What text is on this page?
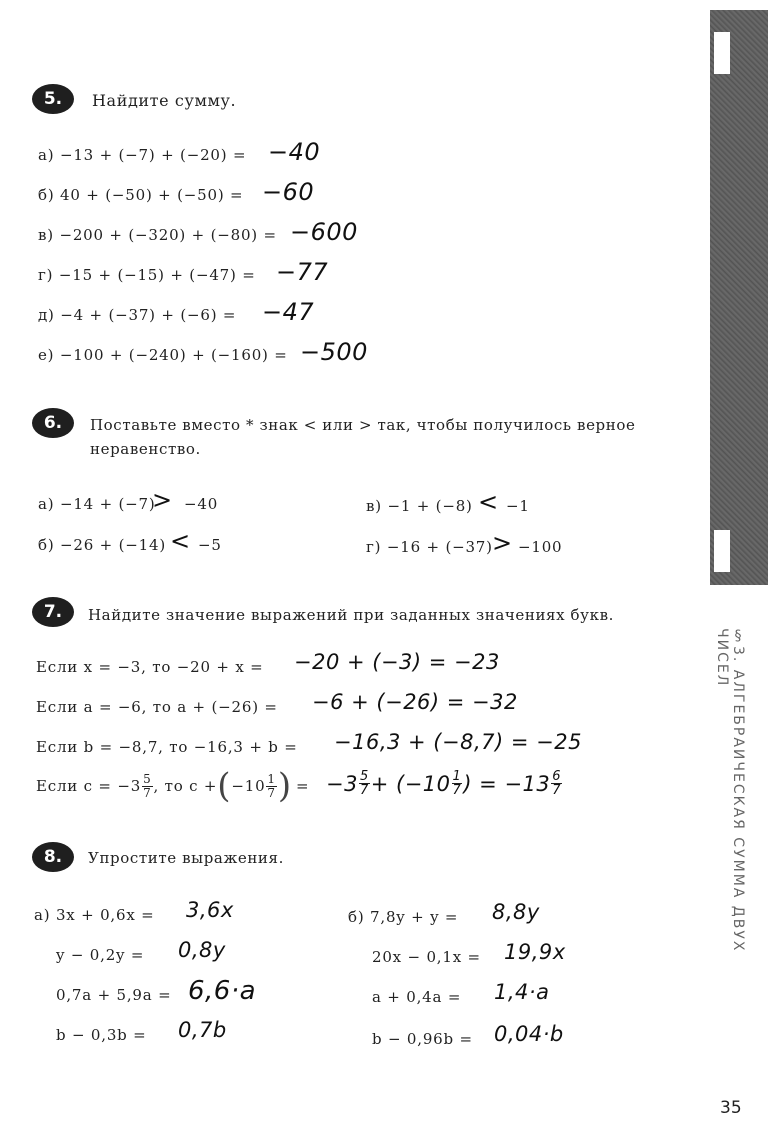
§3. АЛГЕБРАИЧЕСКАЯ СУММА ДВУХ ЧИСЕЛ
5.	Найдите сумму.
а) −13 + (−7) + (−20) = −40
б) 40 + (−50) + (−50) = −60
в) −200 + (−320) + (−80) = −600
г) −15 + (−15) + (−47) = −77
д) −4 + (−37) + (−6) = −47
е) −100 + (−240) + (−160) = −500
6.	Поставьте вместо * знак < или > так, чтобы получилось верное
неравенство.
а) −14 + (−7)
> −40
б) −26 + (−14) < −5
в) −1 + (−8) < −1
г) −16 + (−37) > −100
7.	Найдите значение выражений при заданных значениях букв.
Если x = −3, то −20 + x = −20 + (−3) = −23
Если a = −6, то a + (−26) = −6 + (−26) = −32
Если b = −8,7, то −16,3 + b = −16,3 + (−8,7) = −25
Если $c = -3 \frac{5}{7}$ , то c + ( $-10 \frac{1}{7}$ ) = $-3 \frac{5}{7} + (-10 \frac{1}{7}$ ) = $-13 \frac{6}{7}$
8.	Упростите выражения.
а) 3x + 0,6x = 3,6x
y − 0,2y = 0,8y
0,7a + 5,9a = 6,6·a
b − 0,3b = 0,7b
б) 7,8y + y = 8,8y
20x − 0,1x = 19,9x
a + 0,4a = 1,4·a
b − 0,96b = 0,04·b
35
